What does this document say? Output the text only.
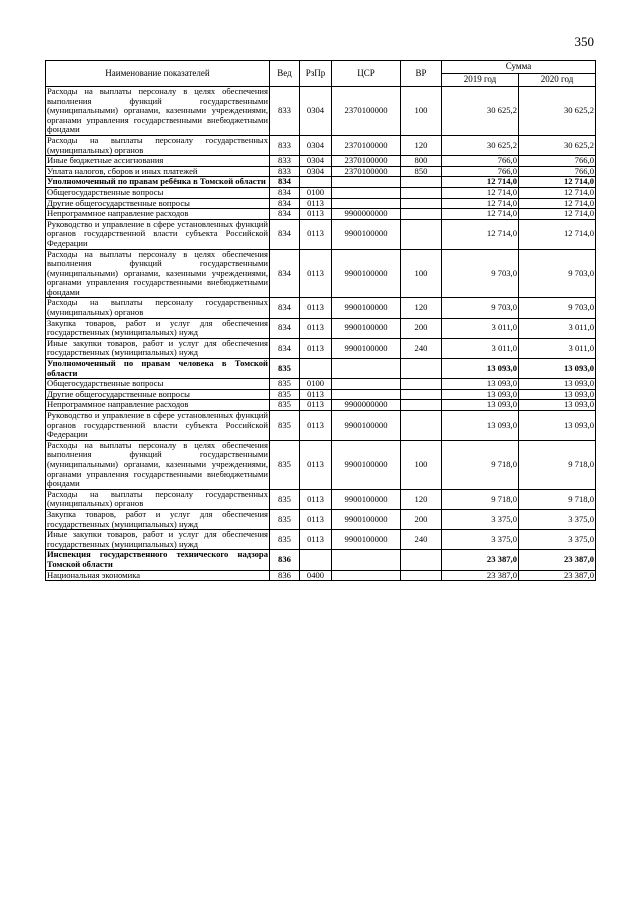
350
Наименование показателей	Вед	РзПр	ЦСР	ВР	Сумма	
					2019 год	2020 год
Расходы на выплаты персоналу в целях обеспечения выполнения функций государственными (муниципальными) органами, казенными учреждениями, органами управления государственными внебюджетными фондами	833	0304	2370100000	100	30 625,2	30 625,2
Расходы на выплаты персоналу государственных (муниципальных) органов	833	0304	2370100000	120	30 625,2	30 625,2
Иные бюджетные ассигнования	833	0304	2370100000	800	766,0	766,0
Уплата налогов, сборов и иных платежей	833	0304	2370100000	850	766,0	766,0
Уполномоченный по правам ребёнка в Томской области	834				12 714,0	12 714,0
Общегосударственные вопросы	834	0100			12 714,0	12 714,0
Другие общегосударственные вопросы	834	0113			12 714,0	12 714,0
Непрограммное направление расходов	834	0113	9900000000		12 714,0	12 714,0
Руководство и управление в сфере установленных функций органов государственной власти субъекта Российской Федерации	834	0113	9900100000		12 714,0	12 714,0
Расходы на выплаты персоналу в целях обеспечения выполнения функций государственными (муниципальными) органами, казенными учреждениями, органами управления государственными внебюджетными фондами	834	0113	9900100000	100	9 703,0	9 703,0
Расходы на выплаты персоналу государственных (муниципальных) органов	834	0113	9900100000	120	9 703,0	9 703,0
Закупка товаров, работ и услуг для обеспечения государственных (муниципальных) нужд	834	0113	9900100000	200	3 011,0	3 011,0
Иные закупки товаров, работ и услуг для обеспечения государственных (муниципальных) нужд	834	0113	9900100000	240	3 011,0	3 011,0
Уполномоченный по правам человека в Томской области	835				13 093,0	13 093,0
Общегосударственные вопросы	835	0100			13 093,0	13 093,0
Другие общегосударственные вопросы	835	0113			13 093,0	13 093,0
Непрограммное направление расходов	835	0113	9900000000		13 093,0	13 093,0
Руководство и управление в сфере установленных функций органов государственной власти субъекта Российской Федерации	835	0113	9900100000		13 093,0	13 093,0
Расходы на выплаты персоналу в целях обеспечения выполнения функций государственными (муниципальными) органами, казенными учреждениями, органами управления государственными внебюджетными фондами	835	0113	9900100000	100	9 718,0	9 718,0
Расходы на выплаты персоналу государственных (муниципальных) органов	835	0113	9900100000	120	9 718,0	9 718,0
Закупка товаров, работ и услуг для обеспечения государственных (муниципальных) нужд	835	0113	9900100000	200	3 375,0	3 375,0
Иные закупки товаров, работ и услуг для обеспечения государственных (муниципальных) нужд	835	0113	9900100000	240	3 375,0	3 375,0
Инспекция государственного технического надзора Томской области	836				23 387,0	23 387,0
Национальная экономика	836	0400			23 387,0	23 387,0
